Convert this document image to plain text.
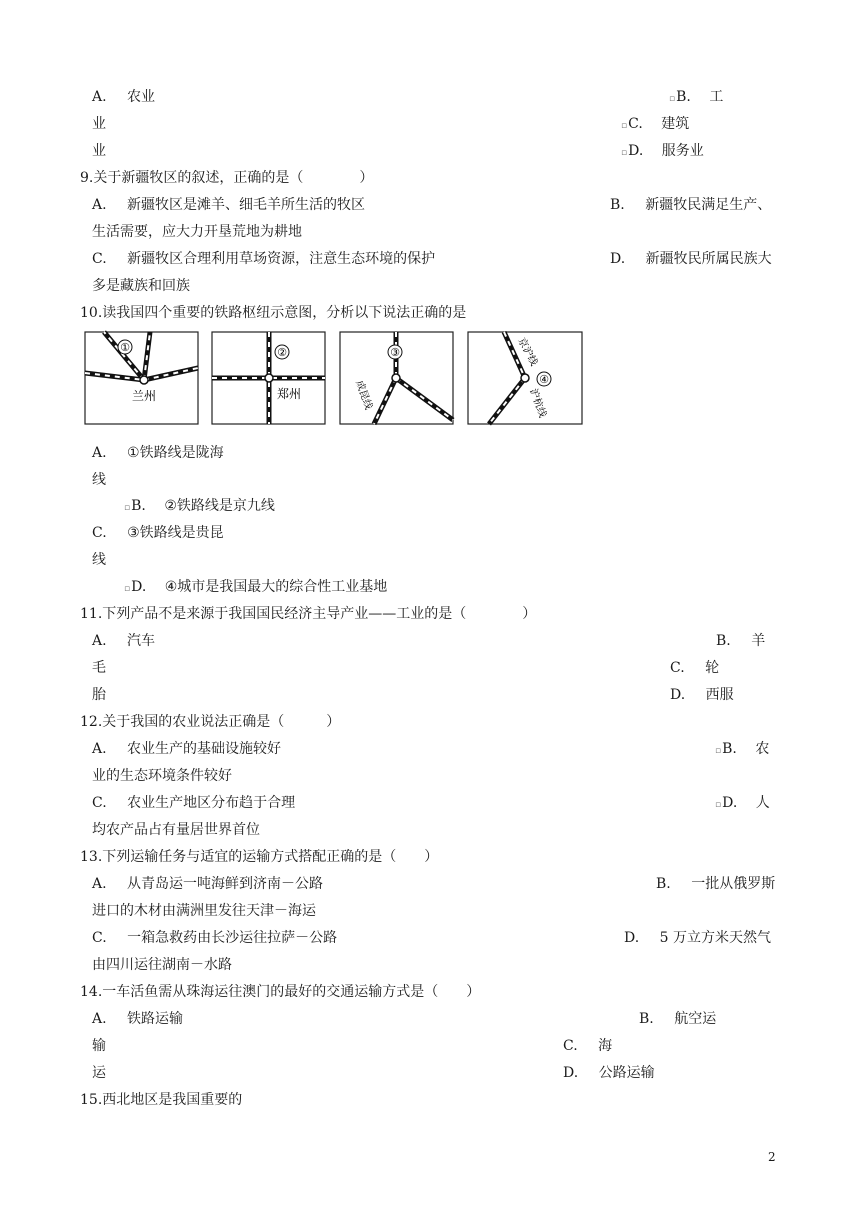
A. 农业	▫B. 工
业	▫C. 建筑
业	▫D. 服务业
9.关于新疆牧区的叙述，正确的是（　　　　）
A. 新疆牧区是滩羊、细毛羊所生活的牧区	B. 新疆牧民满足生产、
生活需要，应大力开垦荒地为耕地
C. 新疆牧区合理利用草场资源，注意生态环境的保护	D. 新疆牧民所属民族大
多是藏族和回族
10.读我国四个重要的铁路枢纽示意图，分析以下说法正确的是
①
兰州
②
郑州
③
成昆线	④
京沪线
沪杭线
A. ①铁路线是陇海
线
▫B. ②铁路线是京九线
C. ③铁路线是贵昆
线
▫D. ④城市是我国最大的综合性工业基地
11.下列产品不是来源于我国国民经济主导产业——工业的是（　　　　）
A. 汽车	B. 羊
毛	C. 轮
胎	D. 西服
12.关于我国的农业说法正确是（　　　）
A. 农业生产的基础设施较好	▫B. 农
业的生态环境条件较好
C. 农业生产地区分布趋于合理	▫D. 人
均农产品占有量居世界首位
13.下列运输任务与适宜的运输方式搭配正确的是（　　）
A. 从青岛运一吨海鲜到济南－公路	B. 一批从俄罗斯
进口的木材由满洲里发往天津－海运
C. 一箱急救药由长沙运往拉萨－公路	D. 5 万立方米天然气
由四川运往湖南－水路
14.一车活鱼需从珠海运往澳门的最好的交通运输方式是（　　）
A. 铁路运输	B. 航空运
输	C. 海
运	D. 公路运输
15.西北地区是我国重要的
2
